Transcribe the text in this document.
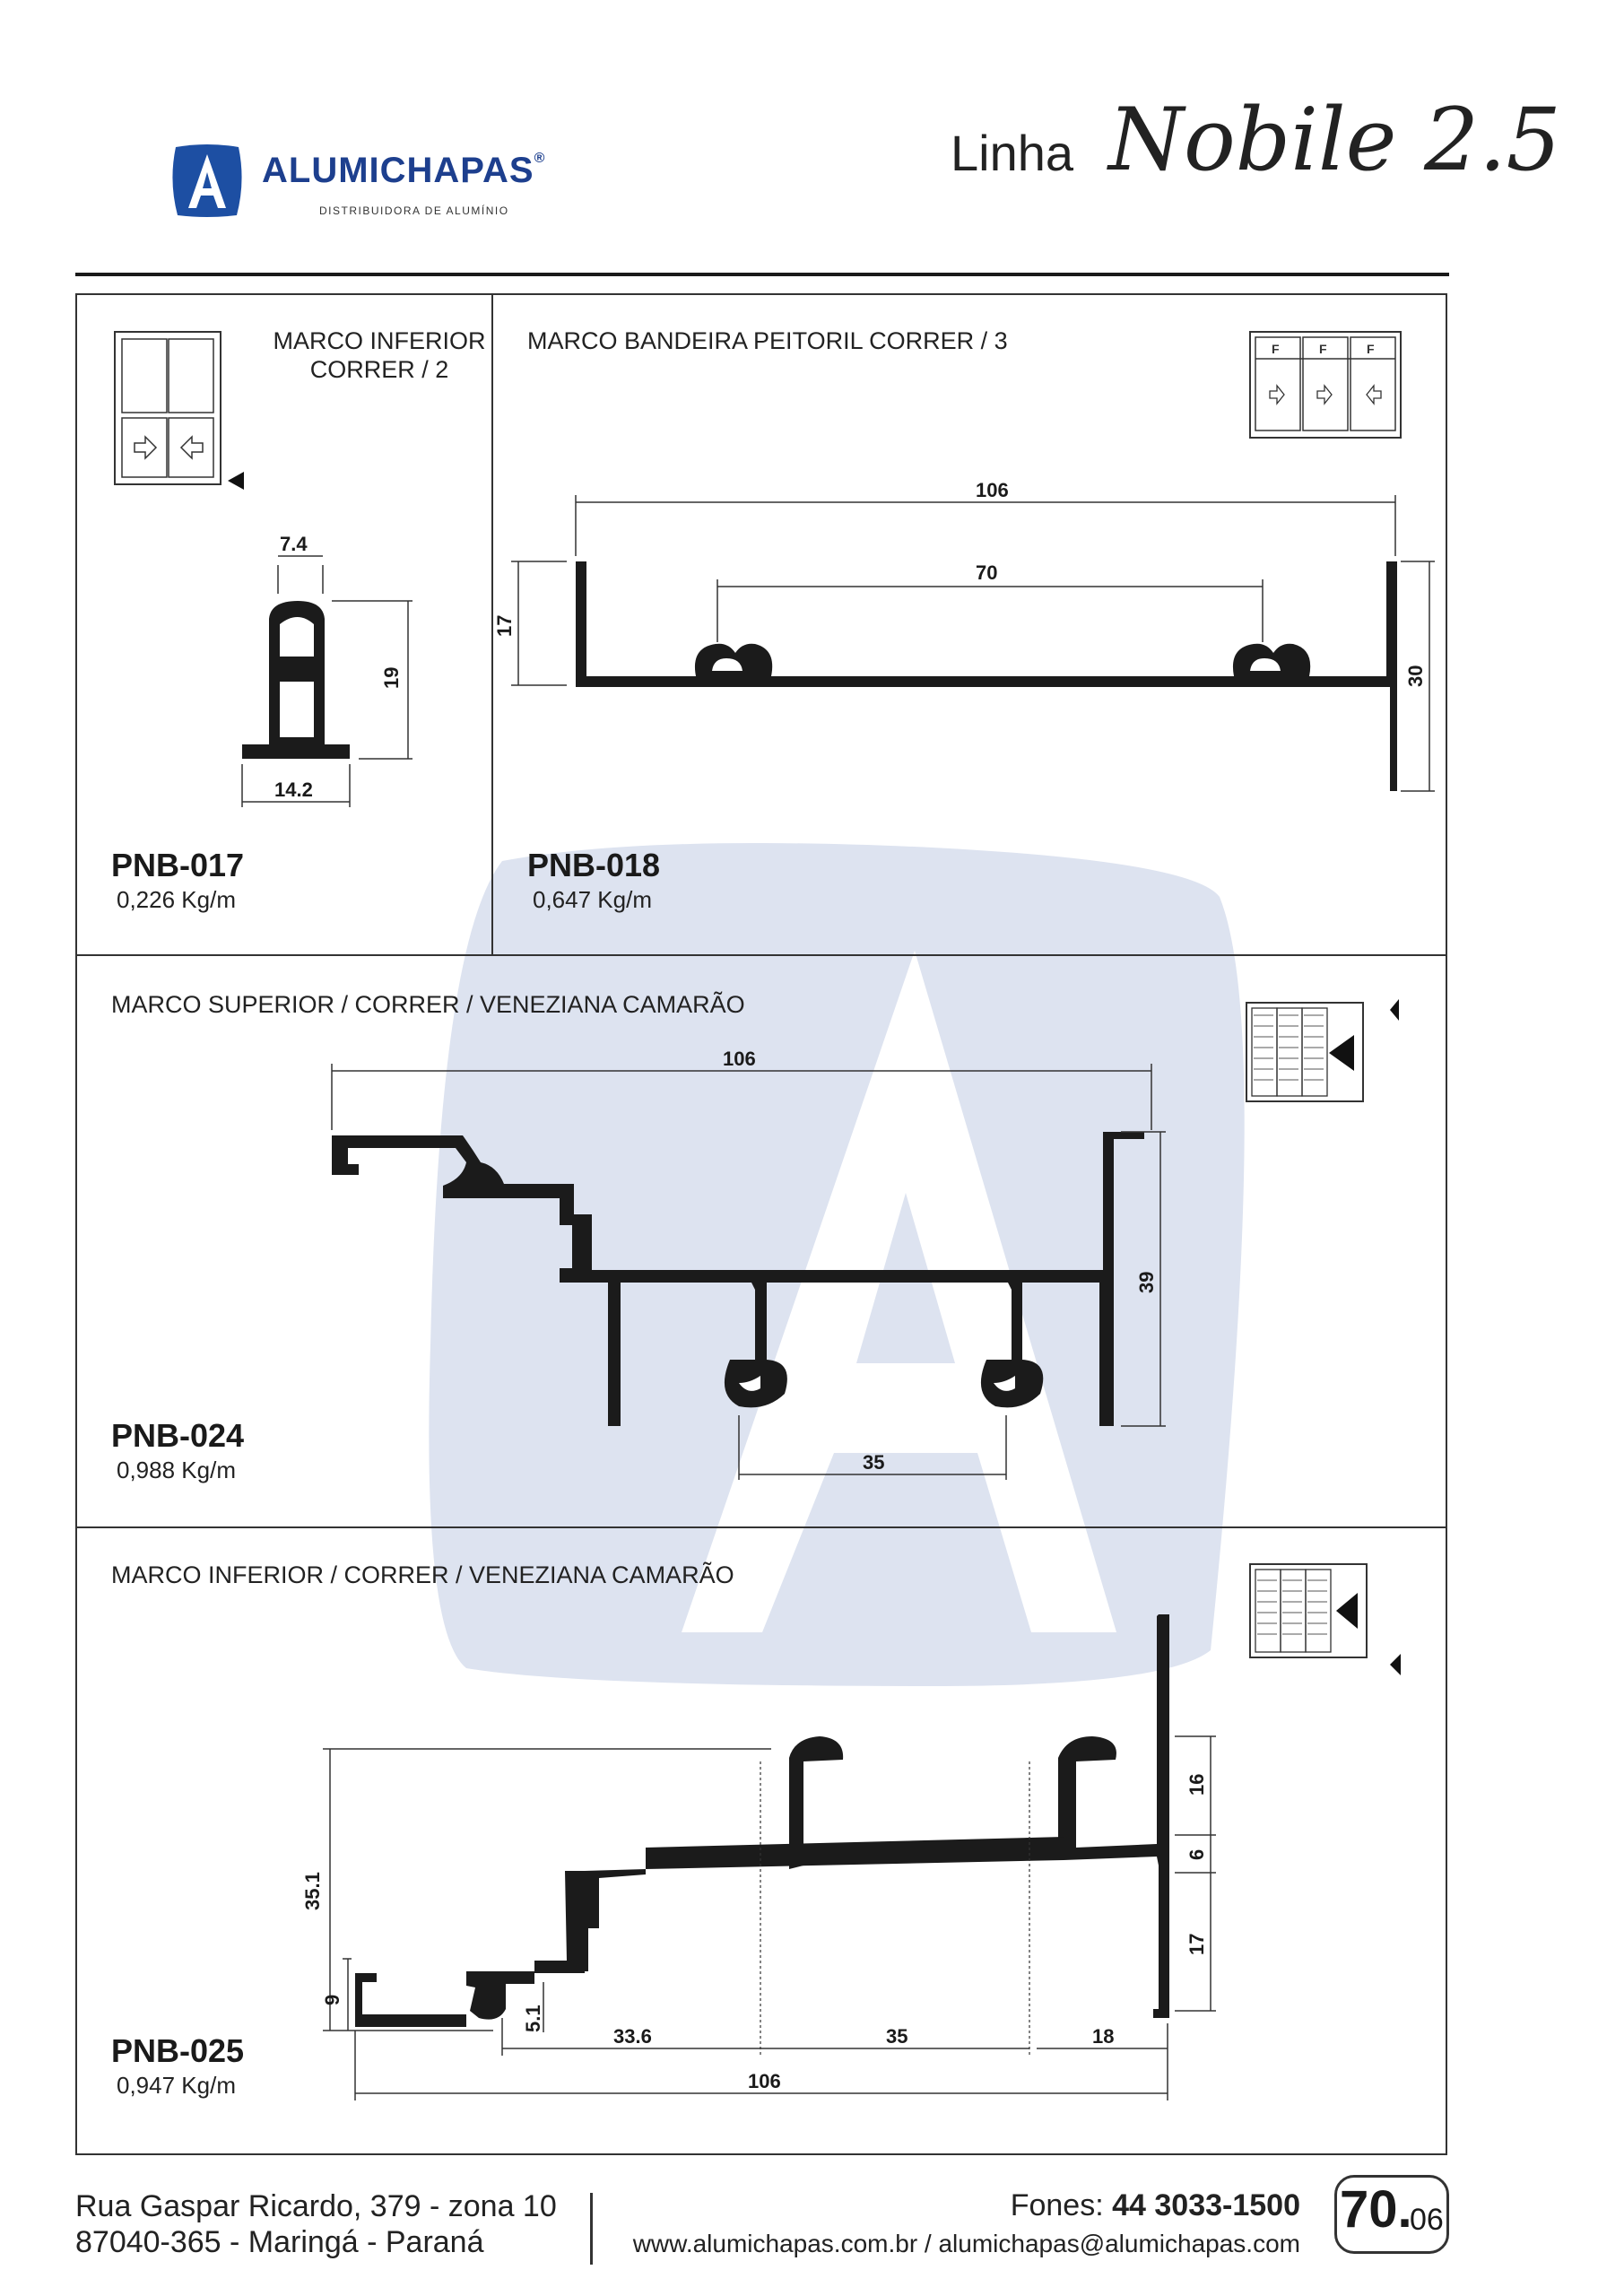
ALUMICHAPAS®
DISTRIBUIDORA DE ALUMÍNIO
Linha Nobile 2.5
MARCO INFERIOR
CORRER / 2
7.4
19
14.2
PNB-017
0,226 Kg/m
MARCO BANDEIRA PEITORIL CORRER / 3	F	F	F
106
70
17
30
PNB-018
0,647 Kg/m
MARCO SUPERIOR / CORRER / VENEZIANA CAMARÃO
106
39
35
PNB-024
0,988 Kg/m
MARCO INFERIOR / CORRER / VENEZIANA CAMARÃO
35.1
9
5.1
33.6	35	18
106
16
6
17
PNB-025
0,947 Kg/m
Rua Gaspar Ricardo, 379 - zona 10
87040-365 - Maringá - Paraná
Fones: 44 3033-1500
www.alumichapas.com.br / alumichapas@alumichapas.com
70.
06
